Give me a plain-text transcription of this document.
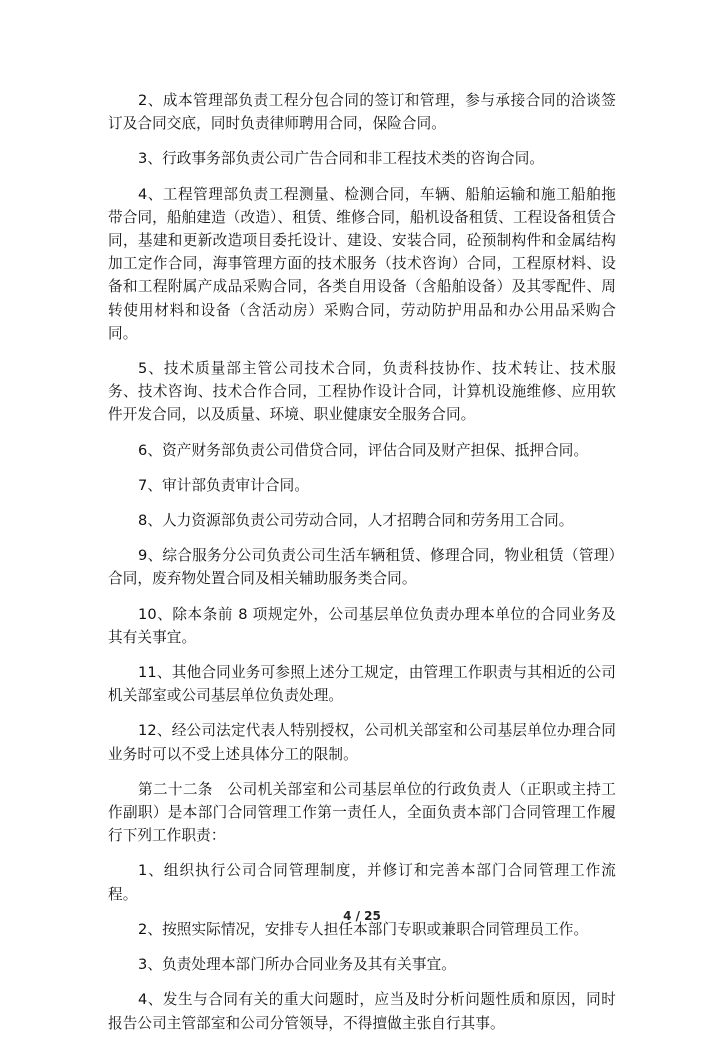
2、成本管理部负责工程分包合同的签订和管理，参与承接合同的洽谈签订及合同交底，同时负责律师聘用合同，保险合同。

3、行政事务部负责公司广告合同和非工程技术类的咨询合同。

4、工程管理部负责工程测量、检测合同，车辆、船舶运输和施工船舶拖带合同，船舶建造（改造）、租赁、维修合同，船机设备租赁、工程设备租赁合同，基建和更新改造项目委托设计、建设、安装合同，砼预制构件和金属结构加工定作合同，海事管理方面的技术服务（技术咨询）合同，工程原材料、设备和工程附属产成品采购合同，各类自用设备（含船舶设备）及其零配件、周转使用材料和设备（含活动房）采购合同，劳动防护用品和办公用品采购合同。

5、技术质量部主管公司技术合同，负责科技协作、技术转让、技术服务、技术咨询、技术合作合同，工程协作设计合同，计算机设施维修、应用软件开发合同，以及质量、环境、职业健康安全服务合同。

6、资产财务部负责公司借贷合同，评估合同及财产担保、抵押合同。

7、审计部负责审计合同。

8、人力资源部负责公司劳动合同，人才招聘合同和劳务用工合同。

9、综合服务分公司负责公司生活车辆租赁、修理合同，物业租赁（管理）合同，废弃物处置合同及相关辅助服务类合同。

10、除本条前 8 项规定外，公司基层单位负责办理本单位的合同业务及其有关事宜。

11、其他合同业务可参照上述分工规定，由管理工作职责与其相近的公司机关部室或公司基层单位负责处理。

12、经公司法定代表人特别授权，公司机关部室和公司基层单位办理合同业务时可以不受上述具体分工的限制。

第二十二条　公司机关部室和公司基层单位的行政负责人（正职或主持工作副职）是本部门合同管理工作第一责任人，全面负责本部门合同管理工作履行下列工作职责：

1、组织执行公司合同管理制度，并修订和完善本部门合同管理工作流程。

2、按照实际情况，安排专人担任本部门专职或兼职合同管理员工作。

3、负责处理本部门所办合同业务及其有关事宜。

4、发生与合同有关的重大问题时，应当及时分析问题性质和原因，同时报告公司主管部室和公司分管领导，不得擅做主张自行其事。

4 / 25
